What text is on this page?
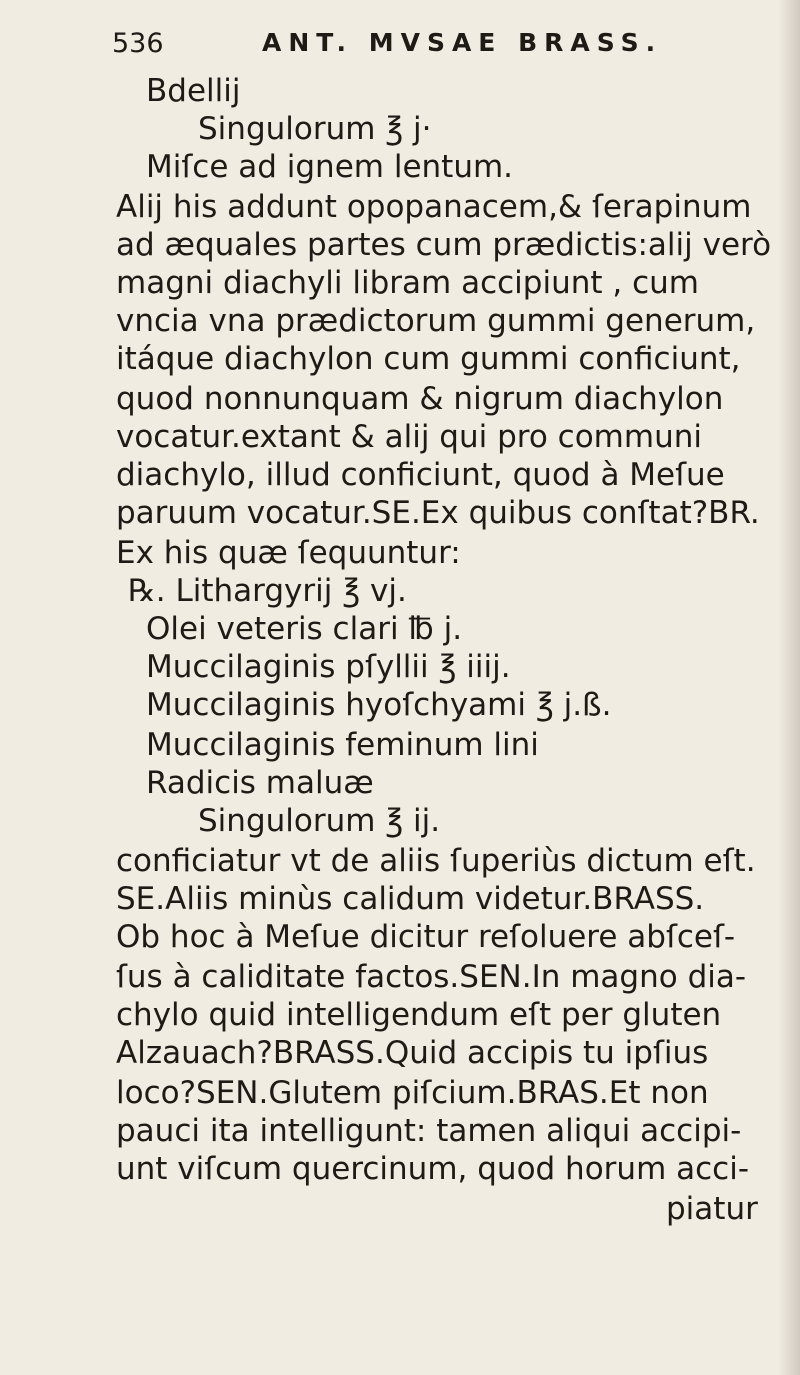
536	ANT. MVSAE BRASS.
Bdellij
Singulorum ℥ j·
Miſce ad ignem lentum.
Alij his addunt opopanacem,& ſerapinum
ad æquales partes cum prædictis:alij verò
magni diachyli libram accipiunt , cum
vncia vna prædictorum gummi generum,
itáque diachylon cum gummi conficiunt,
quod nonnunquam & nigrum diachylon
vocatur.extant & alij qui pro communi
diachylo, illud conficiunt, quod à Meſue
paruum vocatur.SE.Ex quibus conſtat?BR.
Ex his quæ ſequuntur:
℞. Lithargyrij ℥ vj.
Olei veteris clari ℔ j.
Muccilaginis pſyllii ℥ iiij.
Muccilaginis hyoſchyami ℥ j.ß.
Muccilaginis feminum lini
Radicis maluæ
Singulorum ℥ ij.
conficiatur vt de aliis ſuperiùs dictum eſt.
SE.Aliis minùs calidum videtur.BRASS.
Ob hoc à Meſue dicitur reſoluere abſceſ-
ſus à caliditate factos.SEN.In magno dia-
chylo quid intelligendum eſt per gluten
Alzauach?BRASS.Quid accipis tu ipſius
loco?SEN.Glutem piſcium.BRAS.Et non
pauci ita intelligunt: tamen aliqui accipi-
unt viſcum quercinum, quod horum acci-
piatur
